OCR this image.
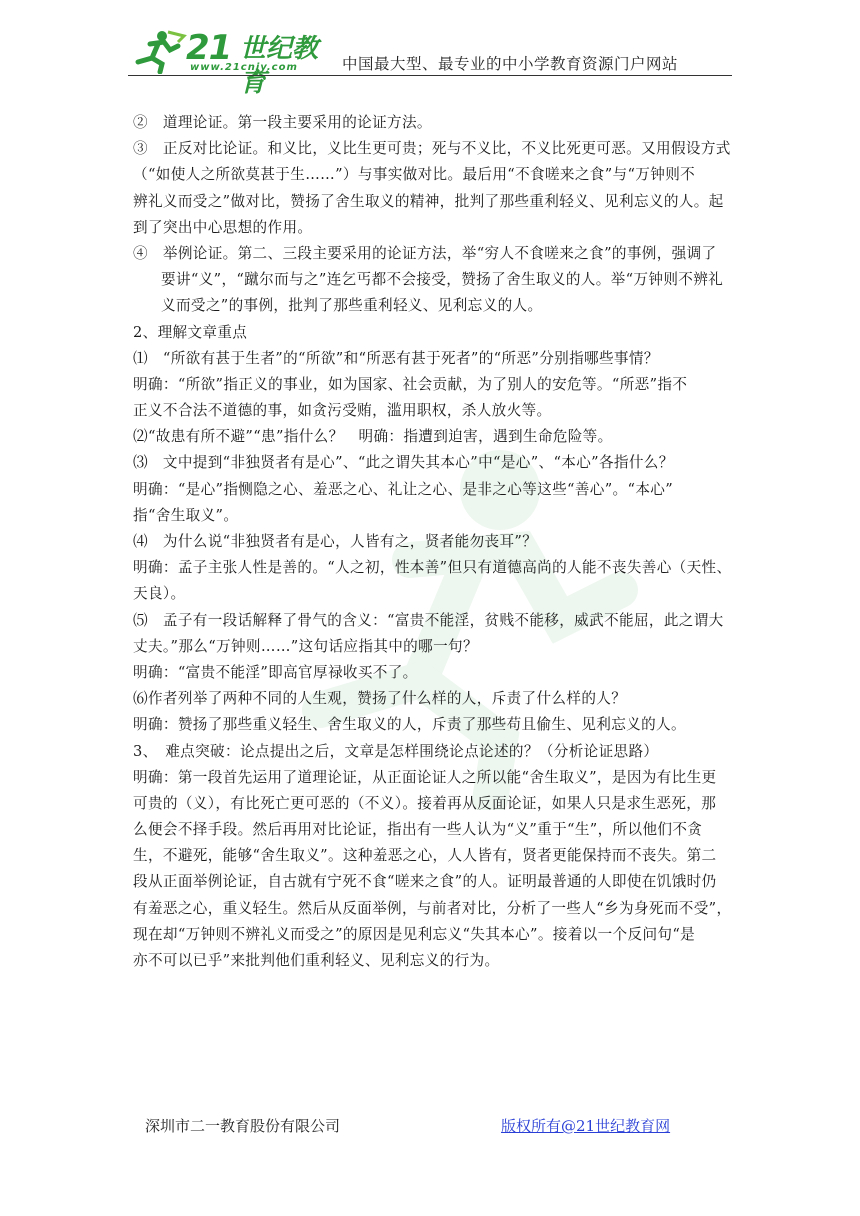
21 世纪教育
www.21cnjy.com	中国最大型、最专业的中小学教育资源门户网站
②　道理论证。第一段主要采用的论证方法。
③　正反对比论证。和义比，义比生更可贵；死与不义比，不义比死更可恶。又用假设方式
（“如使人之所欲莫甚于生……”）与事实做对比。最后用“不食嗟来之食”与“万钟则不
辨礼义而受之”做对比，赞扬了舍生取义的精神，批判了那些重利轻义、见利忘义的人。起
到了突出中心思想的作用。
④　举例论证。第二、三段主要采用的论证方法，举“穷人不食嗟来之食”的事例，强调了
要讲“义”，“蹴尔而与之”连乞丐都不会接受，赞扬了舍生取义的人。举“万钟则不辨礼
义而受之”的事例，批判了那些重利轻义、见利忘义的人。
2、理解文章重点
⑴　“所欲有甚于生者”的“所欲”和“所恶有甚于死者”的“所恶”分别指哪些事情？
明确：“所欲”指正义的事业，如为国家、社会贡献，为了别人的安危等。“所恶”指不
正义不合法不道德的事，如贪污受贿，滥用职权，杀人放火等。
⑵“故患有所不避”“患”指什么？　明确：指遭到迫害，遇到生命危险等。
⑶　文中提到“非独贤者有是心”、“此之谓失其本心”中“是心”、“本心”各指什么？
明确：“是心”指恻隐之心、羞恶之心、礼让之心、是非之心等这些“善心”。“本心”
指“舍生取义”。
⑷　为什么说“非独贤者有是心，人皆有之，贤者能勿丧耳”？
明确：孟子主张人性是善的。“人之初，性本善”但只有道德高尚的人能不丧失善心（天性、
天良）。
⑸　孟子有一段话解释了骨气的含义：“富贵不能淫，贫贱不能移，威武不能屈，此之谓大
丈夫。”那么“万钟则……”这句话应指其中的哪一句？
明确：“富贵不能淫”即高官厚禄收买不了。
⑹作者列举了两种不同的人生观，赞扬了什么样的人，斥责了什么样的人？
明确：赞扬了那些重义轻生、舍生取义的人，斥责了那些苟且偷生、见利忘义的人。
3、　难点突破：论点提出之后，文章是怎样围绕论点论述的？（分析论证思路）
明确：第一段首先运用了道理论证，从正面论证人之所以能“舍生取义”，是因为有比生更
可贵的（义），有比死亡更可恶的（不义）。接着再从反面论证，如果人只是求生恶死，那
么便会不择手段。然后再用对比论证，指出有一些人认为“义”重于“生”，所以他们不贪
生，不避死，能够“舍生取义”。这种羞恶之心，人人皆有，贤者更能保持而不丧失。第二
段从正面举例论证，自古就有宁死不食“嗟来之食”的人。证明最普通的人即使在饥饿时仍
有羞恶之心，重义轻生。然后从反面举例，与前者对比，分析了一些人“乡为身死而不受”，
现在却“万钟则不辨礼义而受之”的原因是见利忘义“失其本心”。接着以一个反问句“是
亦不可以已乎”来批判他们重利轻义、见利忘义的行为。
深圳市二一教育股份有限公司	版权所有@21世纪教育网
